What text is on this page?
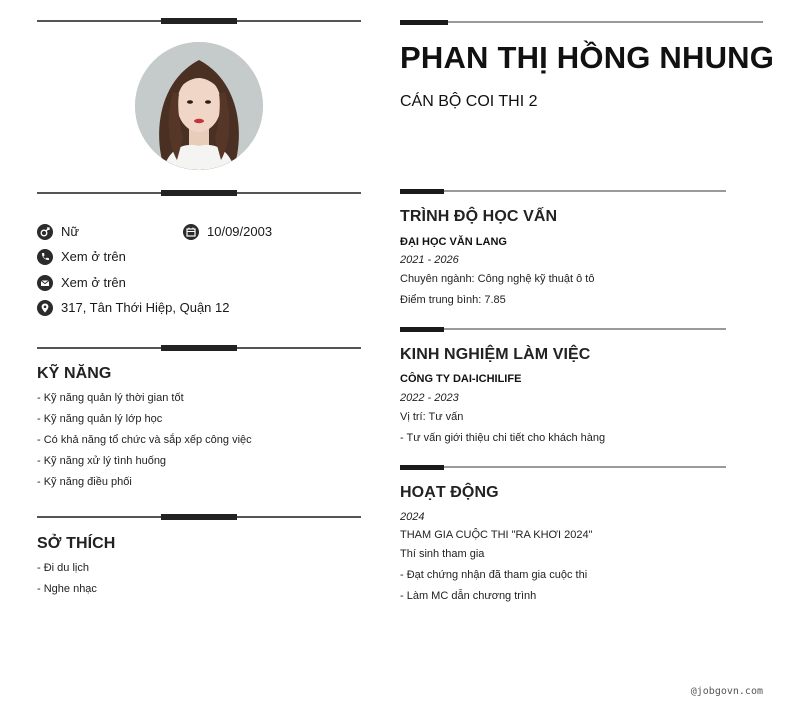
Nữ	10/09/2003
Xem ở trên
Xem ở trên
317, Tân Thới Hiệp, Quận 12
KỸ NĂNG
- Kỹ năng quản lý thời gian tốt
- Kỹ năng quản lý lớp học
- Có khả năng tổ chức và sắp xếp công việc
- Kỹ năng xử lý tình huống
- Kỹ năng điều phối
SỞ THÍCH
- Đi du lịch
- Nghe nhạc
PHAN THỊ HỒNG NHUNG
CÁN BỘ COI THI 2
TRÌNH ĐỘ HỌC VẤN
ĐẠI HỌC VĂN LANG
2021 - 2026
Chuyên ngành: Công nghệ kỹ thuật ô tô
Điểm trung bình: 7.85
KINH NGHIỆM LÀM VIỆC
CÔNG TY DAI-ICHILIFE
2022 - 2023
Vị trí: Tư vấn
- Tư vấn giới thiệu chi tiết cho khách hàng
HOẠT ĐỘNG
2024
THAM GIA CUỘC THI "RA KHƠI 2024"
Thí sinh tham gia
- Đạt chứng nhận đã tham gia cuộc thi
- Làm MC dẫn chương trình
@jobgovn.com
